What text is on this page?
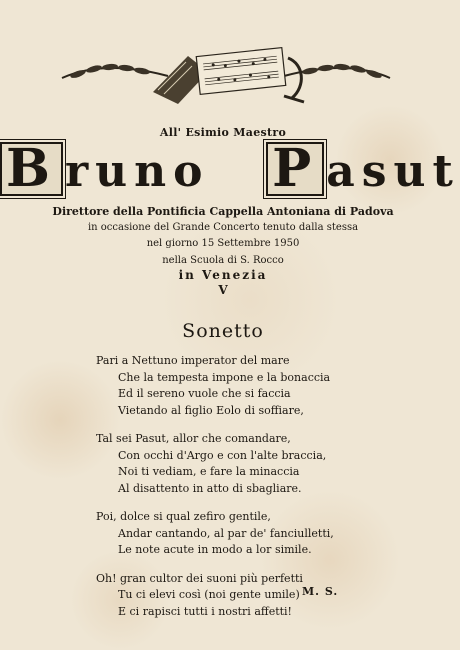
All' Esimio Maestro
B runo P asut
Direttore della Pontificia Cappella Antoniana di Padova
in occasione del Grande Concerto tenuto dalla stessa
nel giorno 15 Settembre 1950
nella Scuola di S. Rocco
in Venezia
V
Sonetto
Pari a Nettuno imperator del mare
Che la tempesta impone e la bonaccia
Ed il sereno vuole che si faccia
Vietando al figlio Eolo di soffiare,
Tal sei Pasut, allor che comandare,
Con occhi d'Argo e con l'alte braccia,
Noi ti vediam, e fare la minaccia
Al disattento in atto di sbagliare.
Poi, dolce si qual zefiro gentile,
Andar cantando, al par de' fanciulletti,
Le note acute in modo a lor simile.
Oh! gran cultor dei suoni più perfetti
Tu ci elevi così (noi gente umile)
E ci rapisci tutti i nostri affetti!
M. S.
